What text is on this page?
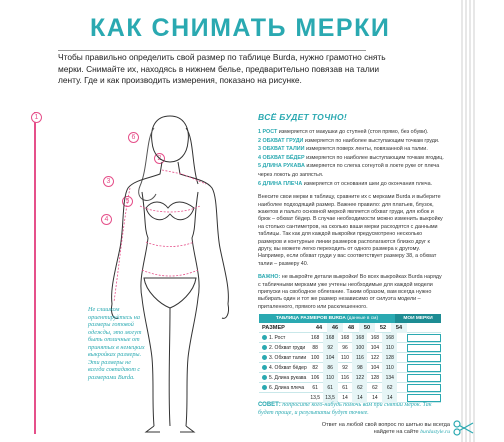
КАК СНИМАТЬ МЕРКИ
Чтобы правильно определить свой размер по таблице Burda, нужно грамотно снять мерки. Снимайте их, находясь в нижнем белье, предварительно повязав на талии ленту. Где и как производить измерения, показано на рисунке.
1
2
3
4
5
6
Не слишком ориентируйтесь на размеры готовой одежды, это могут быть отличные от принятых в немецких выкройках размеры. Эти размеры не всегда совпадают с размерами Burda.
ВСЁ БУДЕТ ТОЧНО!
1 РОСТ измеряется от макушки до ступней (стоя прямо, без обуви).
2 ОБХВАТ ГРУДИ измеряется по наиболее выступающим точкам груди.
3 ОБХВАТ ТАЛИИ измеряется поверх ленты, повязанной на талии.
4 ОБХВАТ БЁДЕР измеряется по наиболее выступающим точкам ягодиц.
5 ДЛИНА РУКАВА измеряется по слегка согнутой в локте руке от плеча через локоть до запястья.
6 ДЛИНА ПЛЕЧА измеряется от основания шеи до окончания плеча.
Внесите свои мерки в таблицу, сравните их с мерками Burda и выберите наиболее подходящий размер. Важнее правило: для платьев, блузок, жакетов и пальто основной меркой является обхват груди, для юбок и брюк – обхват бёдер. В случае необходимости можно изменить выкройку на столько сантиметров, на сколько ваши мерки расходятся с данными таблицы. Так как для каждой выкройки предусмотрено несколько размеров и контурные линии размеров располагаются близко друг к другу, вы можете легко переходить от одного размера к другому. Например, если обхват груди у вас соответствует размеру 38, а обхват талии – размеру 40.
ВАЖНО: не выкройте детали выкройки! Во всех выкройках Burda наряду с табличными мерками уже учтены необходимые для каждой модели припуски на свободное облегание. Таким образом, вам всегда нужно выбирать один и тот же размер независимо от силуэта модели – приталенного, прямого или расклешенного.
ТАБЛИЦА РАЗМЕРОВ BURDA (данные в см)	МОИ МЕРКИ
РАЗМЕР	44	46	48	50	52	54
1. Рост	168	168	168	168	168	168
2. Обхват груди	88	92	96	100	104	110
3. Обхват талии 100	104	110	116	122	128
4. Обхват бёдер	82	86	92	98	104	110
5. Длина рукава 106	110	116	122	128	134
6. Длина плеча	61	61	61	62	62	62
13,5	13,5	14	14	14	14
СОВЕТ: попросите кого-нибудь помочь вам при снятии мерок. Так будет проще, и результаты будут точнее.
Ответ на любой свой вопрос по шитью вы всегда
найдете на сайте burdastyle.ru
